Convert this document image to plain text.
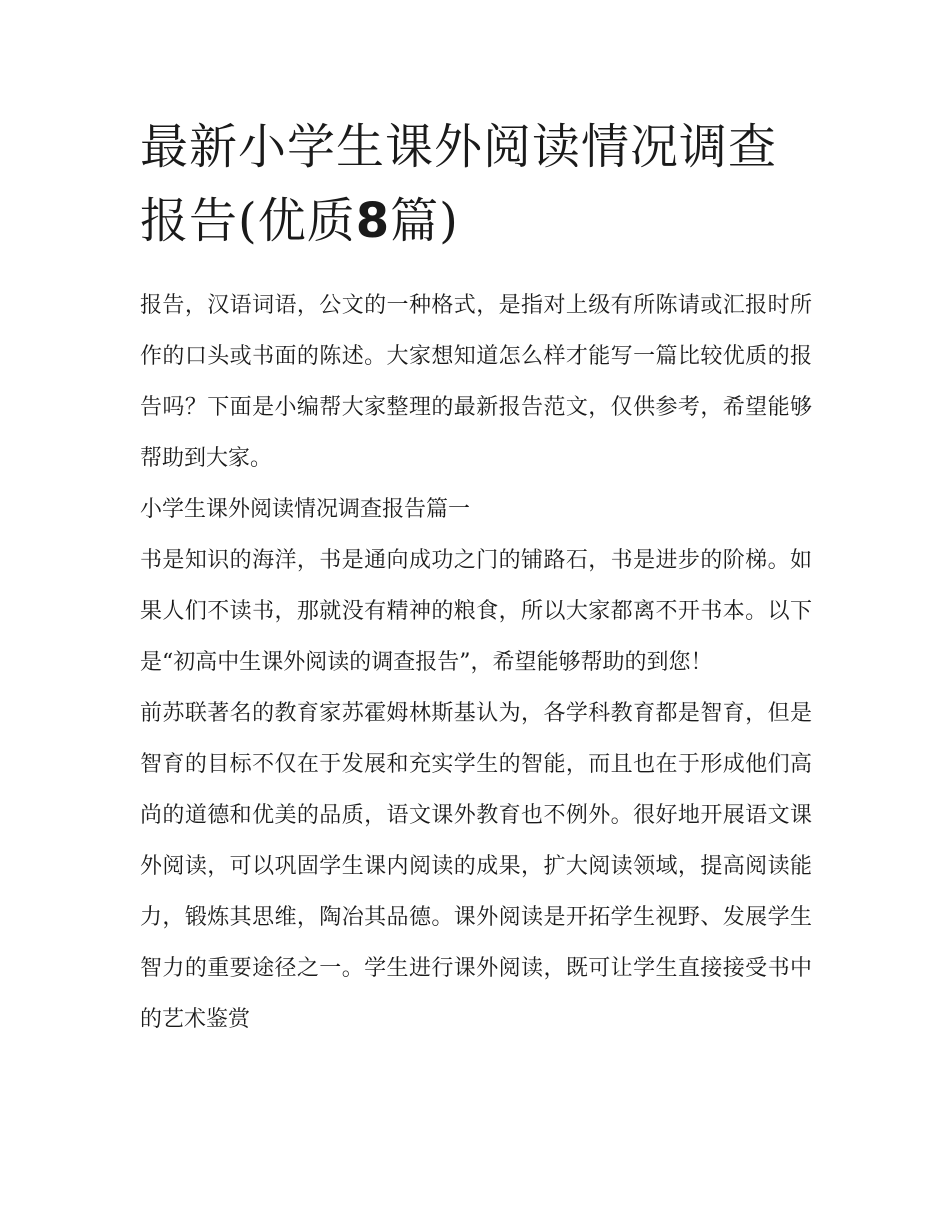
最新小学生课外阅读情况调查
报告(优质8篇)

报告，汉语词语，公文的一种格式，是指对上级有所陈请或汇报时所作的口头或书面的陈述。大家想知道怎么样才能写一篇比较优质的报告吗？下面是小编帮大家整理的最新报告范文，仅供参考，希望能够帮助到大家。

小学生课外阅读情况调查报告篇一

书是知识的海洋，书是通向成功之门的铺路石，书是进步的阶梯。如果人们不读书，那就没有精神的粮食，所以大家都离不开书本。以下是“初高中生课外阅读的调查报告”，希望能够帮助的到您！

前苏联著名的教育家苏霍姆林斯基认为，各学科教育都是智育，但是智育的目标不仅在于发展和充实学生的智能，而且也在于形成他们高尚的道德和优美的品质，语文课外教育也不例外。很好地开展语文课外阅读，可以巩固学生课内阅读的成果，扩大阅读领域，提高阅读能力，锻炼其思维，陶冶其品德。课外阅读是开拓学生视野、发展学生智力的重要途径之一。学生进行课外阅读，既可让学生直接接受书中的艺术鉴赏
